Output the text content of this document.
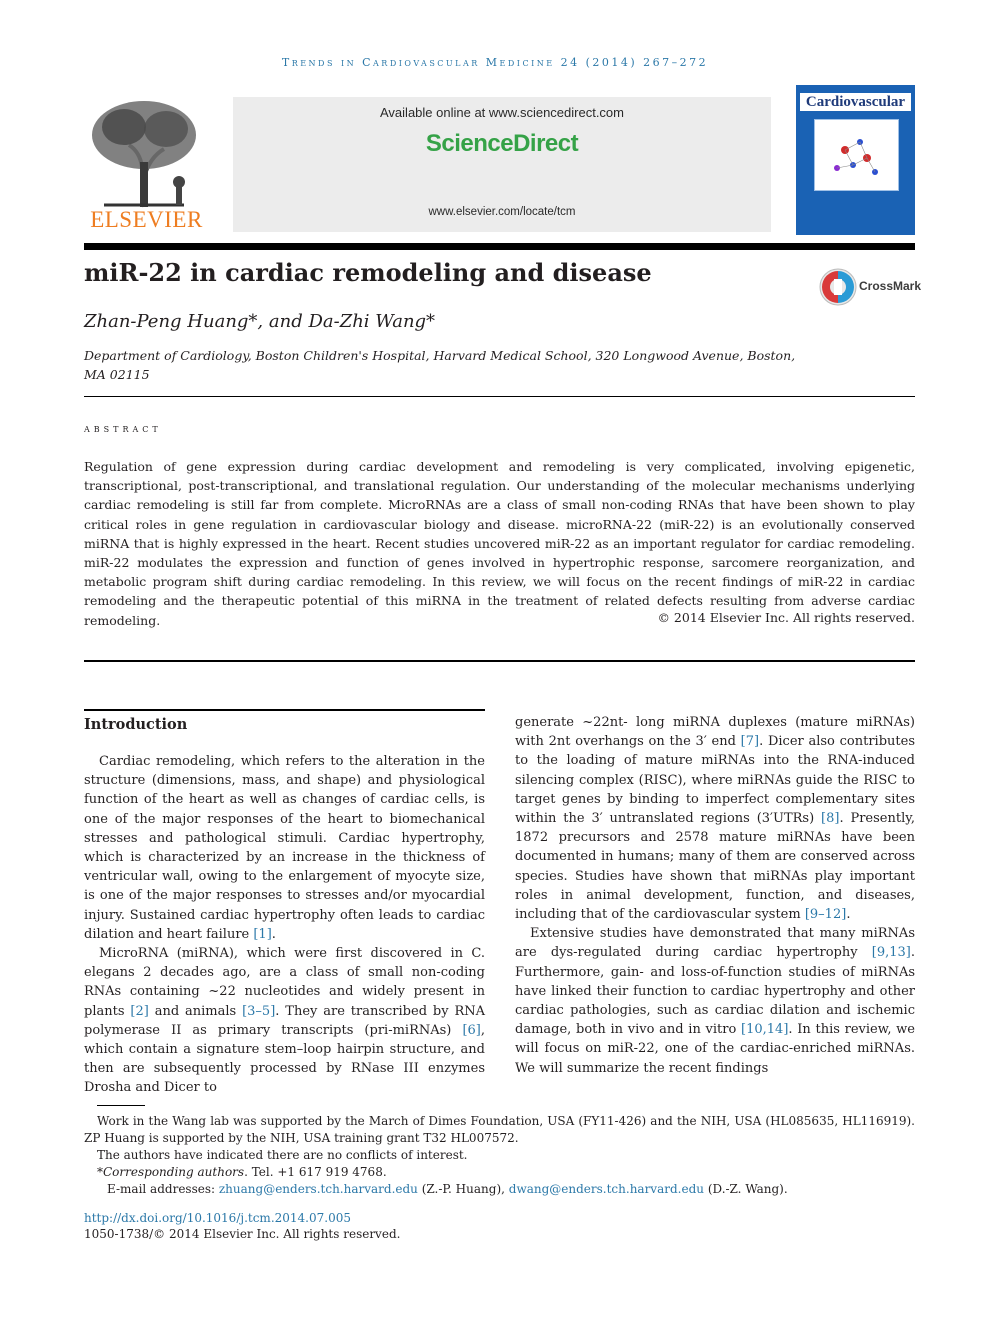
Trends in Cardiovascular Medicine 24 (2014) 267–272
ELSEVIER
Available online at www.sciencedirect.com
ScienceDirect
www.elsevier.com/locate/tcm
Cardiovascular
miR-22 in cardiac remodeling and disease	CrossMark
Zhan-Peng Huang*, and Da-Zhi Wang*
Department of Cardiology, Boston Children's Hospital, Harvard Medical School, 320 Longwood Avenue, Boston, MA 02115
abstract
Regulation of gene expression during cardiac development and remodeling is very complicated, involving epigenetic, transcriptional, post-transcriptional, and translational regulation. Our understanding of the molecular mechanisms underlying cardiac remodeling is still far from complete. MicroRNAs are a class of small non-coding RNAs that have been shown to play critical roles in gene regulation in cardiovascular biology and disease. microRNA-22 (miR-22) is an evolutionally conserved miRNA that is highly expressed in the heart. Recent studies uncovered miR-22 as an important regulator for cardiac remodeling. miR-22 modulates the expression and function of genes involved in hypertrophic response, sarcomere reorganization, and metabolic program shift during cardiac remodeling. In this review, we will focus on the recent findings of miR-22 in cardiac remodeling and the therapeutic potential of this miRNA in the treatment of related defects resulting from adverse cardiac remodeling.	© 2014 Elsevier Inc. All rights reserved.
Introduction

Cardiac remodeling, which refers to the alteration in the structure (dimensions, mass, and shape) and physiological function of the heart as well as changes of cardiac cells, is one of the major responses of the heart to biomechanical stresses and pathological stimuli. Cardiac hypertrophy, which is characterized by an increase in the thickness of ventricular wall, owing to the enlargement of myocyte size, is one of the major responses to stresses and/or myocardial injury. Sustained cardiac hypertrophy often leads to cardiac dilation and heart failure [1].

MicroRNA (miRNA), which were first discovered in C. elegans 2 decades ago, are a class of small non-coding RNAs containing ~22 nucleotides and widely present in plants [2] and animals [3–5]. They are transcribed by RNA polymerase II as primary transcripts (pri-miRNAs) [6], which contain a signature stem–loop hairpin structure, and then are subsequently processed by RNase III enzymes Drosha and Dicer to

generate ~22nt- long miRNA duplexes (mature miRNAs) with 2nt overhangs on the 3′ end [7]. Dicer also contributes to the loading of mature miRNAs into the RNA-induced silencing complex (RISC), where miRNAs guide the RISC to target genes by binding to imperfect complementary sites within the 3′ untranslated regions (3′UTRs) [8]. Presently, 1872 precursors and 2578 mature miRNAs have been documented in humans; many of them are conserved across species. Studies have shown that miRNAs play important roles in animal development, function, and diseases, including that of the cardiovascular system [9–12].

Extensive studies have demonstrated that many miRNAs are dys-regulated during cardiac hypertrophy [9,13]. Furthermore, gain- and loss-of-function studies of miRNAs have linked their function to cardiac hypertrophy and other cardiac pathologies, such as cardiac dilation and ischemic damage, both in vivo and in vitro [10,14]. In this review, we will focus on miR-22, one of the cardiac-enriched miRNAs. We will summarize the recent findings

Work in the Wang lab was supported by the March of Dimes Foundation, USA (FY11-426) and the NIH, USA (HL085635, HL116919). ZP Huang is supported by the NIH, USA training grant T32 HL007572.
The authors have indicated there are no conflicts of interest.
*Corresponding authors. Tel. +1 617 919 4768.
E-mail addresses: zhuang@enders.tch.harvard.edu (Z.-P. Huang), dwang@enders.tch.harvard.edu (D.-Z. Wang).
http://dx.doi.org/10.1016/j.tcm.2014.07.005
1050-1738/© 2014 Elsevier Inc. All rights reserved.
